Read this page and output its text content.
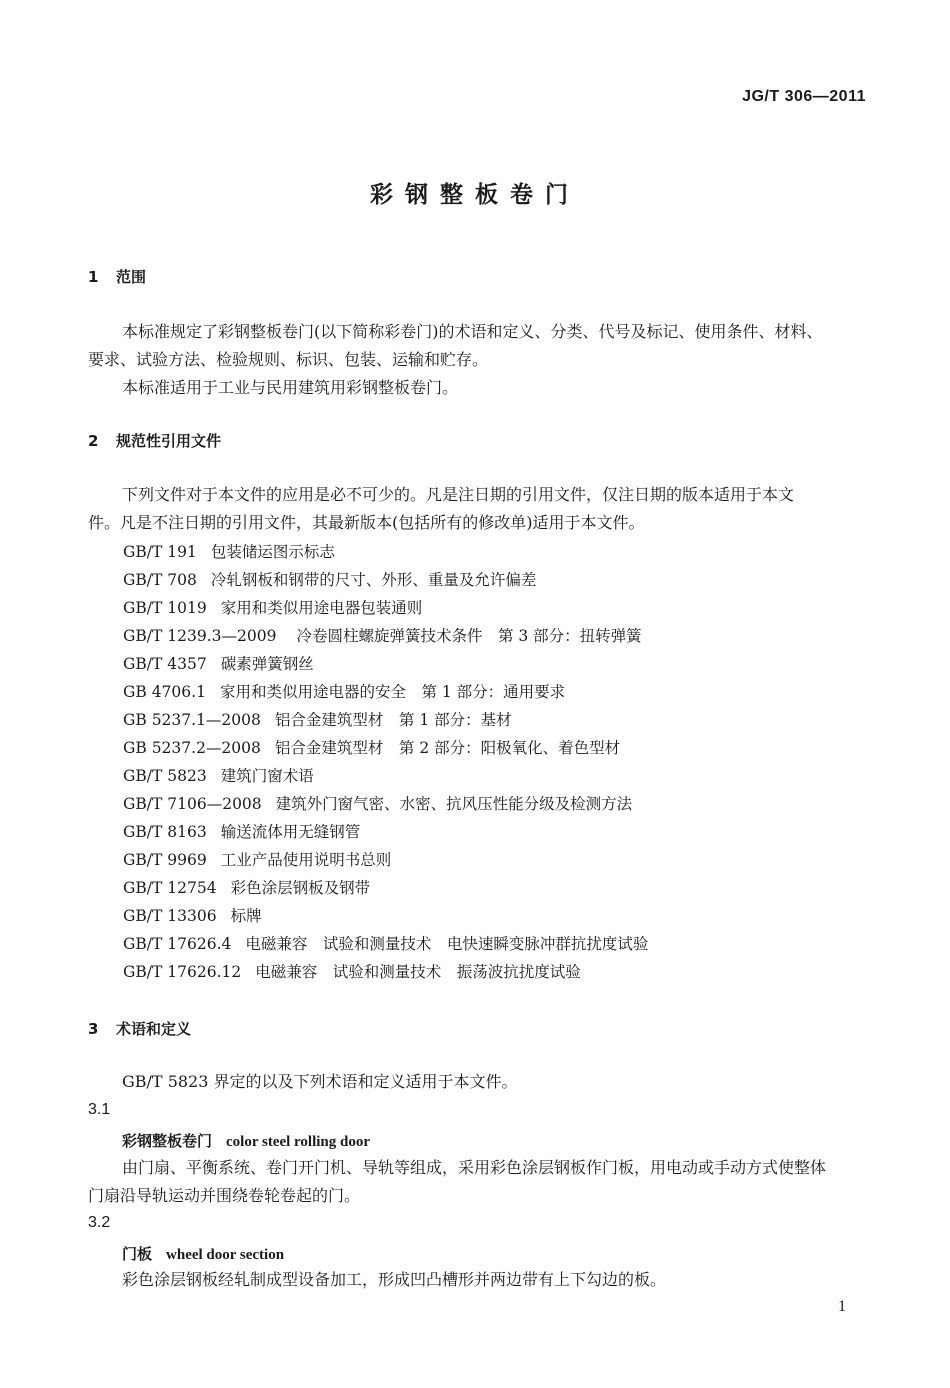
JG/T 306—2011
彩钢整板卷门
1 范围
本标准规定了彩钢整板卷门(以下简称彩卷门)的术语和定义、分类、代号及标记、使用条件、材料、
要求、试验方法、检验规则、标识、包装、运输和贮存。
本标准适用于工业与民用建筑用彩钢整板卷门。
2 规范性引用文件
下列文件对于本文件的应用是必不可少的。凡是注日期的引用文件，仅注日期的版本适用于本文
件。凡是不注日期的引用文件，其最新版本(包括所有的修改单)适用于本文件。
GB/T 191 包装储运图示标志
GB/T 708 冷轧钢板和钢带的尺寸、外形、重量及允许偏差
GB/T 1019 家用和类似用途电器包装通则
GB/T 1239.3—2009 冷卷圆柱螺旋弹簧技术条件　第 3 部分：扭转弹簧
GB/T 4357 碳素弹簧钢丝
GB 4706.1 家用和类似用途电器的安全　第 1 部分：通用要求
GB 5237.1—2008 铝合金建筑型材　第 1 部分：基材
GB 5237.2—2008 铝合金建筑型材　第 2 部分：阳极氧化、着色型材
GB/T 5823 建筑门窗术语
GB/T 7106—2008 建筑外门窗气密、水密、抗风压性能分级及检测方法
GB/T 8163 输送流体用无缝钢管
GB/T 9969 工业产品使用说明书总则
GB/T 12754 彩色涂层钢板及钢带
GB/T 13306 标牌
GB/T 17626.4 电磁兼容　试验和测量技术　电快速瞬变脉冲群抗扰度试验
GB/T 17626.12 电磁兼容　试验和测量技术　振荡波抗扰度试验
3 术语和定义
GB/T 5823 界定的以及下列术语和定义适用于本文件。
3.1
彩钢整板卷门 color steel rolling door
由门扇、平衡系统、卷门开门机、导轨等组成，采用彩色涂层钢板作门板，用电动或手动方式使整体
门扇沿导轨运动并围绕卷轮卷起的门。
3.2
门板 wheel door section
彩色涂层钢板经轧制成型设备加工，形成凹凸槽形并两边带有上下勾边的板。
1
